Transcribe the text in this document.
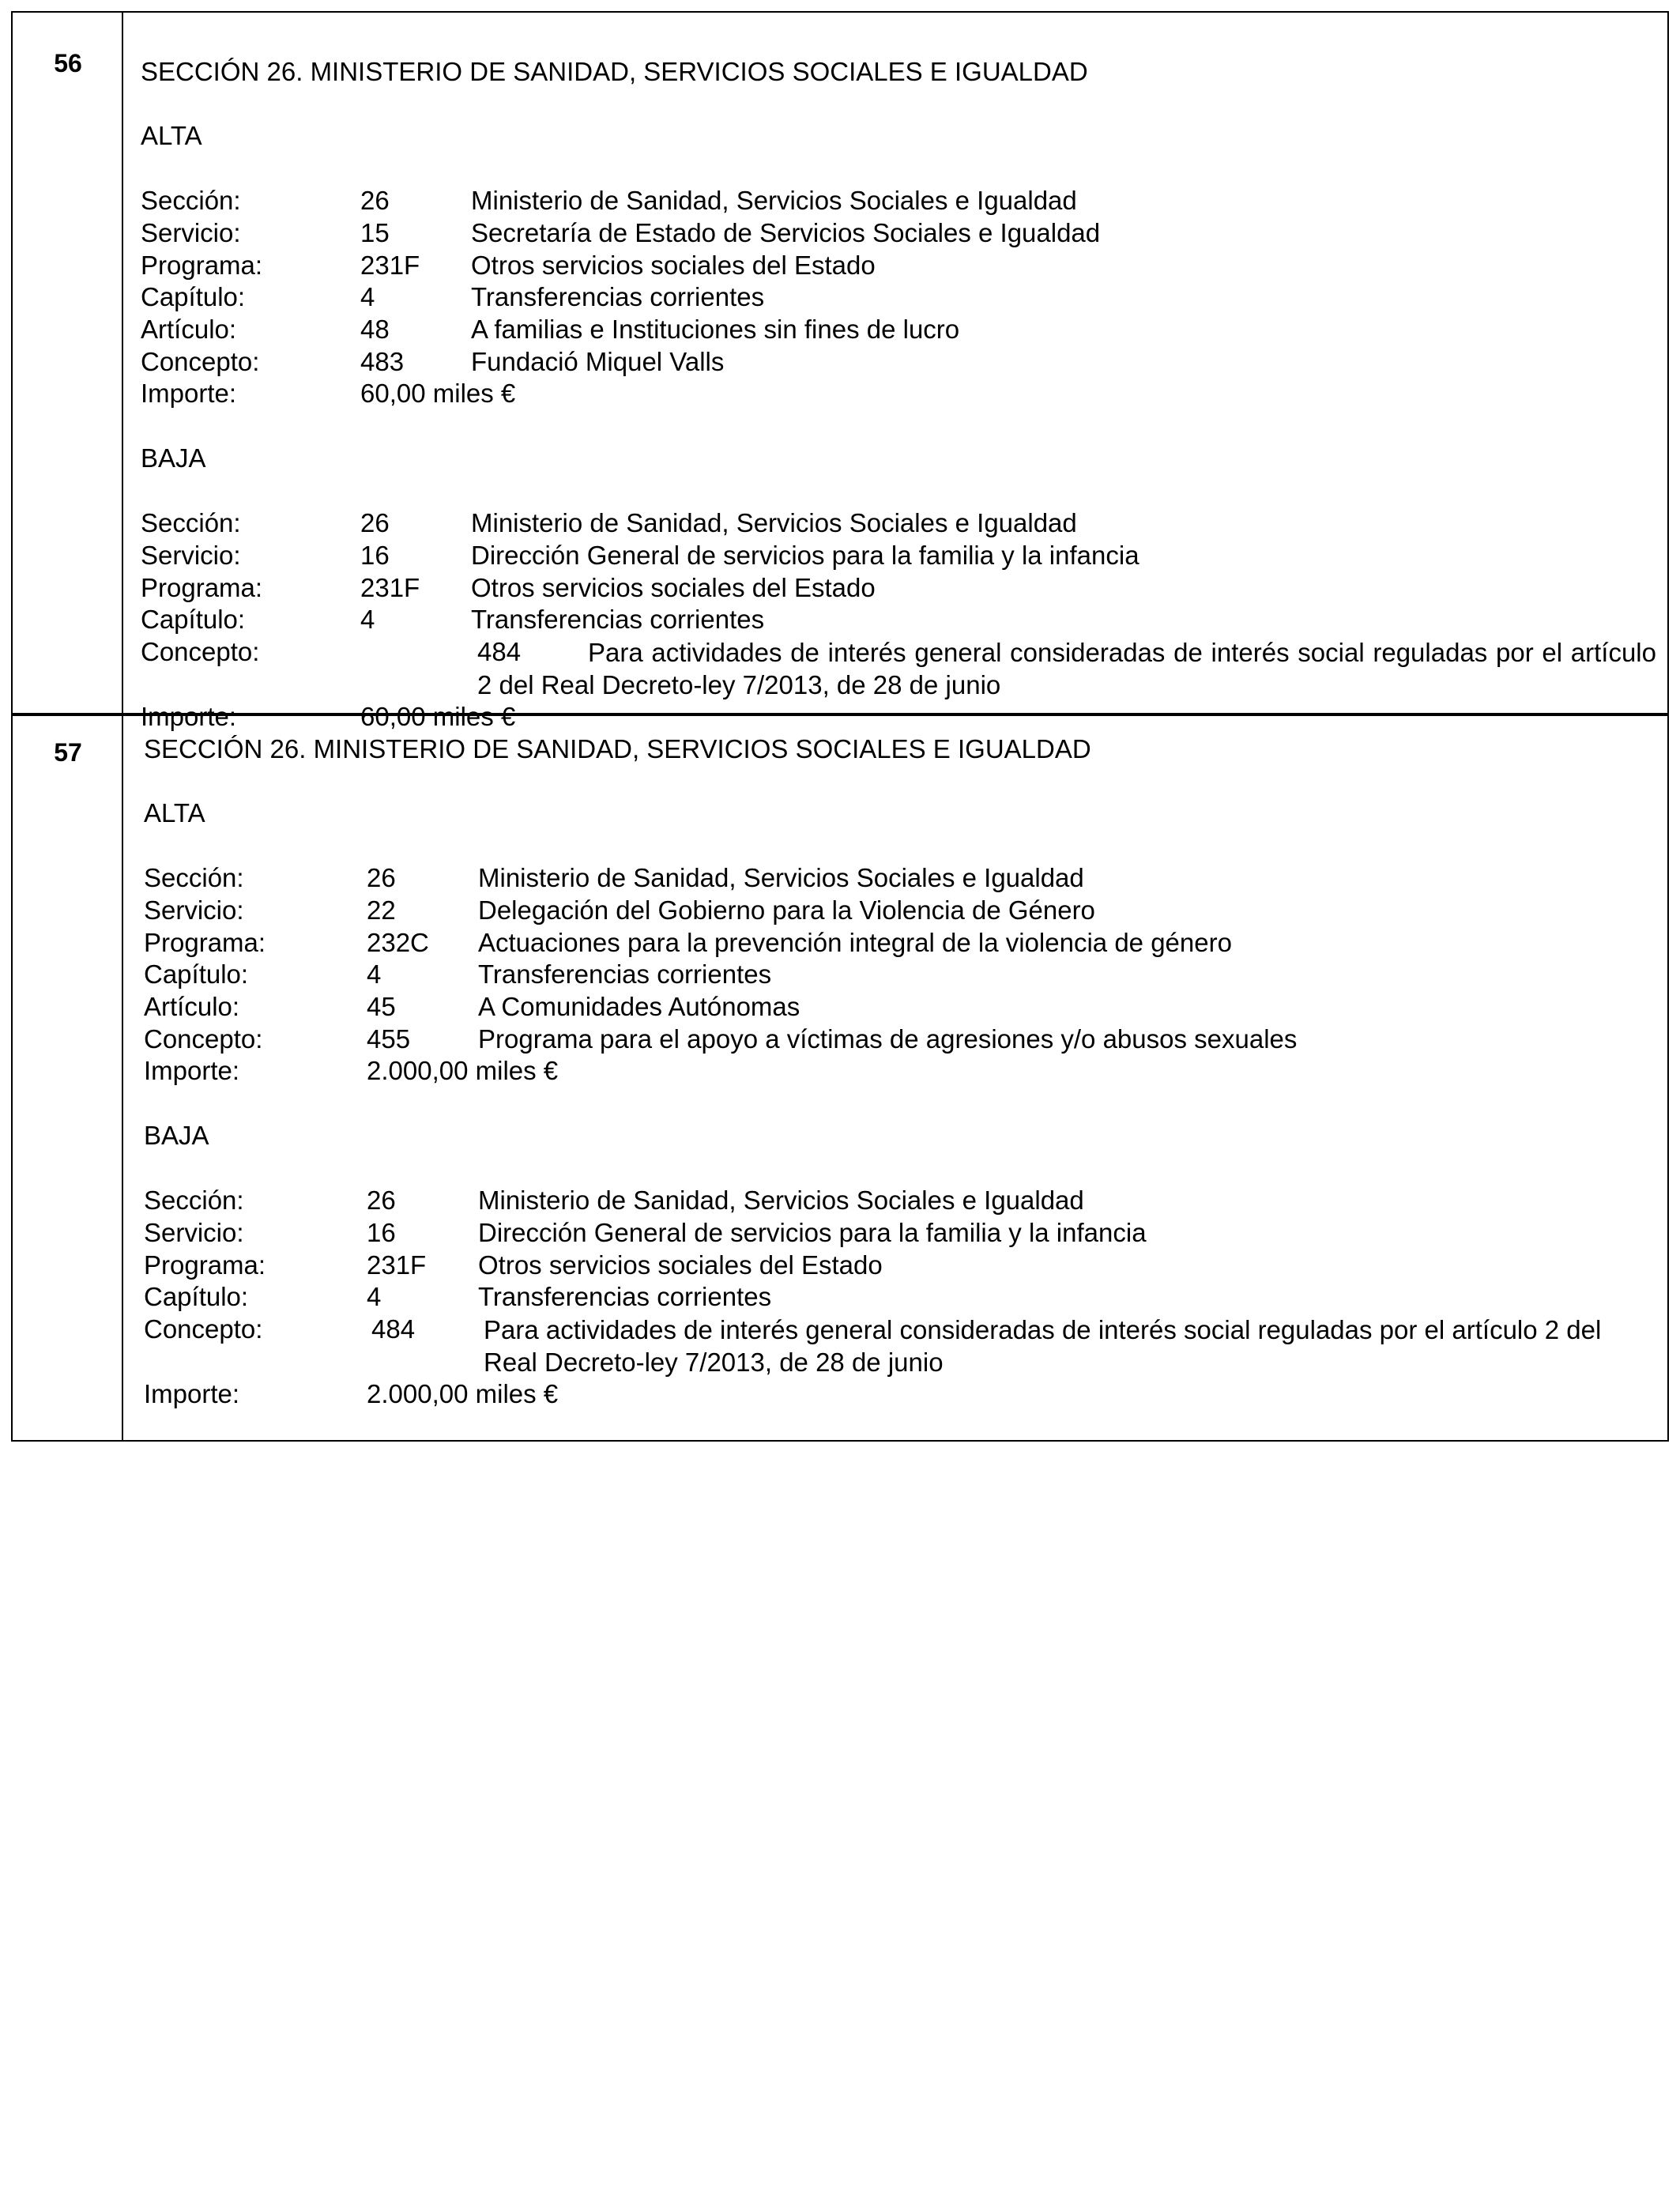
56	SECCIÓN 26. MINISTERIO DE SANIDAD, SERVICIOS SOCIALES E IGUALDAD
ALTA
Sección:	26	Ministerio de Sanidad, Servicios Sociales e Igualdad
Servicio:	15	Secretaría de Estado de Servicios Sociales e Igualdad
Programa:	231F Otros servicios sociales del Estado
Capítulo:	4	Transferencias corrientes
Artículo:	48	A familias e Instituciones sin fines de lucro
Concepto:	483	Fundació Miquel Valls
Importe:	60,00 miles €
BAJA
Sección:	26	Ministerio de Sanidad, Servicios Sociales e Igualdad
Servicio:	16	Dirección General de servicios para la familia y la infancia
Programa:	231F Otros servicios sociales del Estado
Capítulo:	4	Transferencias corrientes
Concepto:	484	Para actividades de interés general consideradas de interés social reguladas por el artículo 2 del Real Decreto-ley 7/2013, de 28 de junio
Importe:	60,00 miles €
57	SECCIÓN 26. MINISTERIO DE SANIDAD, SERVICIOS SOCIALES E IGUALDAD
ALTA
Sección:	26	Ministerio de Sanidad, Servicios Sociales e Igualdad
Servicio:	22	Delegación del Gobierno para la Violencia de Género
Programa:	232C Actuaciones para la prevención integral de la violencia de género
Capítulo:	4	Transferencias corrientes
Artículo:	45	A Comunidades Autónomas
Concepto:	455	Programa para el apoyo a víctimas de agresiones y/o abusos sexuales
Importe:	2.000,00 miles €
BAJA
Sección:	26	Ministerio de Sanidad, Servicios Sociales e Igualdad
Servicio:	16	Dirección General de servicios para la familia y la infancia
Programa:	231F Otros servicios sociales del Estado
Capítulo:	4	Transferencias corrientes
Concepto:	484	Para actividades de interés general consideradas de interés social reguladas por el artículo 2 del Real Decreto-ley 7/2013, de 28 de junio
Importe:	2.000,00 miles €
